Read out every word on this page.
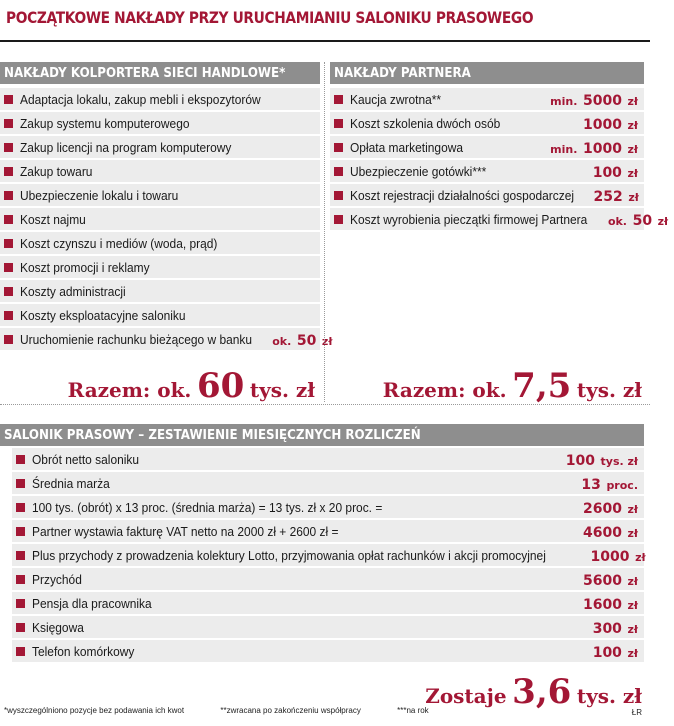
POCZĄTKOWE NAKŁADY PRZY URUCHAMIANIU SALONIKU PRASOWEGO
NAKŁADY KOLPORTERA SIECI HANDLOWE*
Adaptacja lokalu, zakup mebli i ekspozytorów
Zakup systemu komputerowego
Zakup licencji na program komputerowy
Zakup towaru
Ubezpieczenie lokalu i towaru
Koszt najmu
Koszt czynszu i mediów (woda, prąd)
Koszt promocji i reklamy
Koszty administracji
Koszty eksploatacyjne saloniku
Uruchomienie rachunku bieżącego w banku ok. 50 zł
Razem: ok. 60 tys. zł
NAKŁADY PARTNERA
Kaucja zwrotna**	min. 5000 zł
Koszt szkolenia dwóch osób	1000 zł
Opłata marketingowa	min. 1000 zł
Ubezpieczenie gotówki***	100 zł
Koszt rejestracji działalności gospodarczej 252 zł
Koszt wyrobienia pieczątki firmowej Partnera ok. 50 zł
Razem: ok. 7,5 tys. zł
SALONIK PRASOWY – ZESTAWIENIE MIESIĘCZNYCH ROZLICZEŃ
Obrót netto saloniku	100 tys. zł
Średnia marża	13 proc.
100 tys. (obrót) x 13 proc. (średnia marża) = 13 tys. zł x 20 proc. =	2600 zł
Partner wystawia fakturę VAT netto na 2000 zł + 2600 zł =	4600 zł
Plus przychody z prowadzenia kolektury Lotto, przyjmowania opłat rachunków i akcji promocyjnej	1000 zł
Przychód	5600 zł
Pensja dla pracownika	1600 zł
Księgowa	300 zł
Telefon komórkowy	100 zł
Zostaje 3,6 tys. zł
*wyszczególniono pozycje bez podawania ich kwot	**zwracana po zakończeniu współpracy	***na rok	ŁR
